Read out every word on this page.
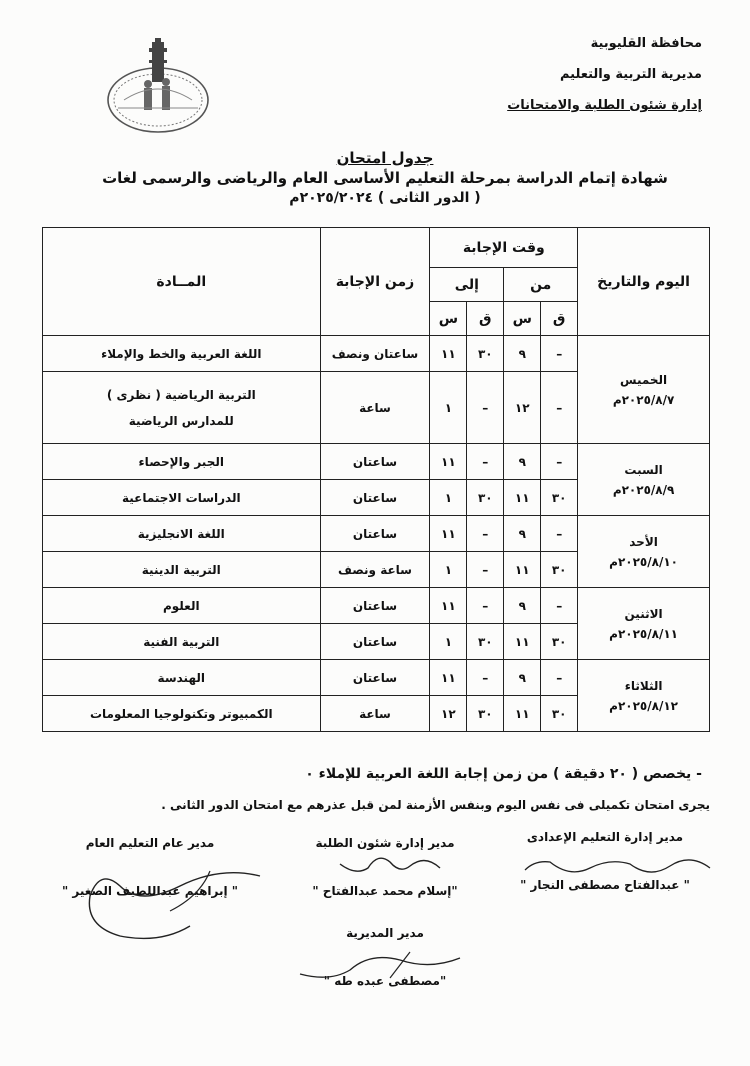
محافظة القليوبية
مديرية التربية والتعليم
إدارة شئون الطلبة والامتحانات
جدول امتحان
شهادة إتمام الدراسة بمرحلة التعليم الأساسى العام والرياضى والرسمى لغات
( الدور الثانى ) ٢٠٢٥/٢٠٢٤م
اليوم والتاريخ	وقت الإجابة				زمن الإجابة	المــادة
	من		إلى			
	ق	س	ق	س		

الخميس
٢٠٢٥/٨/٧م	–	٩	٣٠	١١	ساعتان ونصف	اللغة العربية والخط والإملاء
	–	١٢	–	١	ساعة	التربية الرياضية ( نظرى )
للمدارس الرياضية

السبت
٢٠٢٥/٨/٩م	–	٩	–	١١	ساعتان	الجبر والإحصاء
	٣٠	١١	٣٠	١	ساعتان	الدراسات الاجتماعية

الأحد
٢٠٢٥/٨/١٠م	–	٩	–	١١	ساعتان	اللغة الانجليزية
	٣٠	١١	–	١	ساعة ونصف	التربية الدينية

الاثنين
٢٠٢٥/٨/١١م	–	٩	–	١١	ساعتان	العلوم
	٣٠	١١	٣٠	١	ساعتان	التربية الفنية

الثلاثاء
٢٠٢٥/٨/١٢م	–	٩	–	١١	ساعتان	الهندسة
	٣٠	١١	٣٠	١٢	ساعة	الكمبيوتر وتكنولوجيا المعلومات
- يخصص ( ٢٠ دقيقة ) من زمن إجابة اللغة العربية للإملاء ٠
يجرى امتحان تكميلى فى نفس اليوم وبنفس الأزمنة لمن قبل عذرهم مع امتحان الدور الثانى .
مدير إدارة التعليم الإعدادى
" عبدالفتاح مصطفى النجار "
مدير إدارة شئون الطلبة
"إسلام محمد عبدالفتاح "
مدير عام التعليم العام
" إبراهيم عبداللطيف الصغير "
مدير المديرية
"مصطفى عبده طه "
